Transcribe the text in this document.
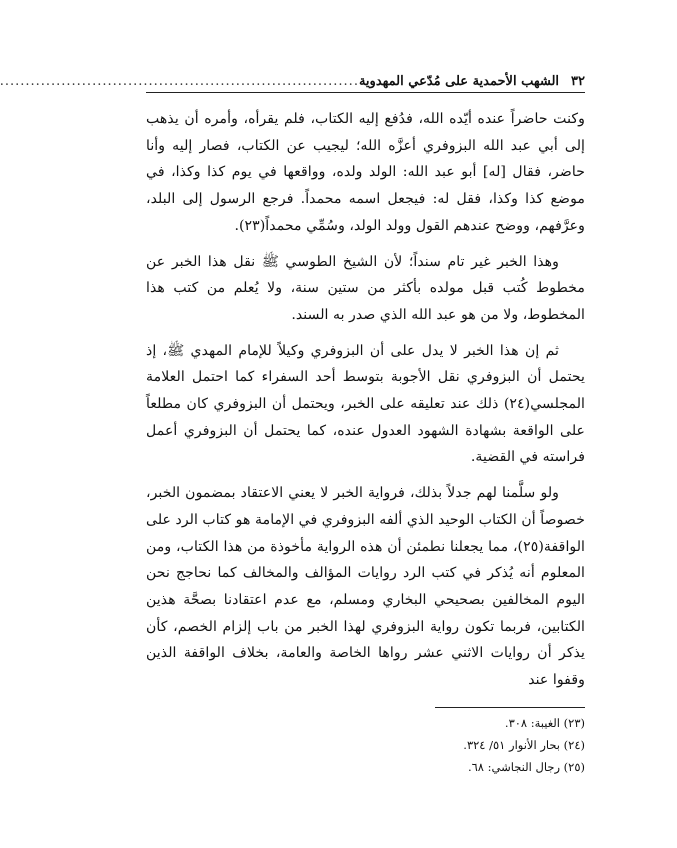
٣٢
الشهب الأحمدية على مُدّعي المهدوية
......................................................................

وكنت حاضراً عنده أيّده الله، فدُفع إليه الكتاب، فلم يقرأه، وأمره أن يذهب إلى أبي عبد الله البزوفري أعزَّه الله؛ ليجيب عن الكتاب، فصار إليه وأنا حاضر، فقال [له] أبو عبد الله: الولد ولده، وواقعها في يوم كذا وكذا، في موضع كذا وكذا، فقل له: فيجعل اسمه محمداً. فرجع الرسول إلى البلد، وعرَّفهم، ووضح عندهم القول وولد الولد، وسُمِّي محمداً(٢٣).

وهذا الخبر غير تام سنداً؛ لأن الشيخ الطوسي ﷺ نقل هذا الخبر عن مخطوط كُتب قبل مولده بأكثر من ستين سنة، ولا يُعلم من كتب هذا المخطوط، ولا من هو عبد الله الذي صدر به السند.

ثم إن هذا الخبر لا يدل على أن البزوفري وكيلاً للإمام المهدي ﷺ، إذ يحتمل أن البزوفري نقل الأجوبة بتوسط أحد السفراء كما احتمل العلامة المجلسي(٢٤) ذلك عند تعليقه على الخبر، ويحتمل أن البزوفري كان مطلعاً على الواقعة بشهادة الشهود العدول عنده، كما يحتمل أن البزوفري أعمل فراسته في القضية.

ولو سلَّمنا لهم جدلاً بذلك، فرواية الخبر لا يعني الاعتقاد بمضمون الخبر، خصوصاً أن الكتاب الوحيد الذي ألفه البزوفري في الإمامة هو كتاب الرد على الواقفة(٢٥)، مما يجعلنا نطمئن أن هذه الرواية مأخوذة من هذا الكتاب، ومن المعلوم أنه يُذكر في كتب الرد روايات المؤالف والمخالف كما نحاجج نحن اليوم المخالفين بصحيحي البخاري ومسلم، مع عدم اعتقادنا بصحَّة هذين الكتابين، فربما تكون رواية البزوفري لهذا الخبر من باب إلزام الخصم، كأن يذكر أن روايات الاثني عشر رواها الخاصة والعامة، بخلاف الواقفة الذين وقفوا عند

(٢٣) الغيبة: ٣٠٨.
(٢٤) بحار الأنوار ٥١/ ٣٢٤.
(٢٥) رجال النجاشي: ٦٨.
